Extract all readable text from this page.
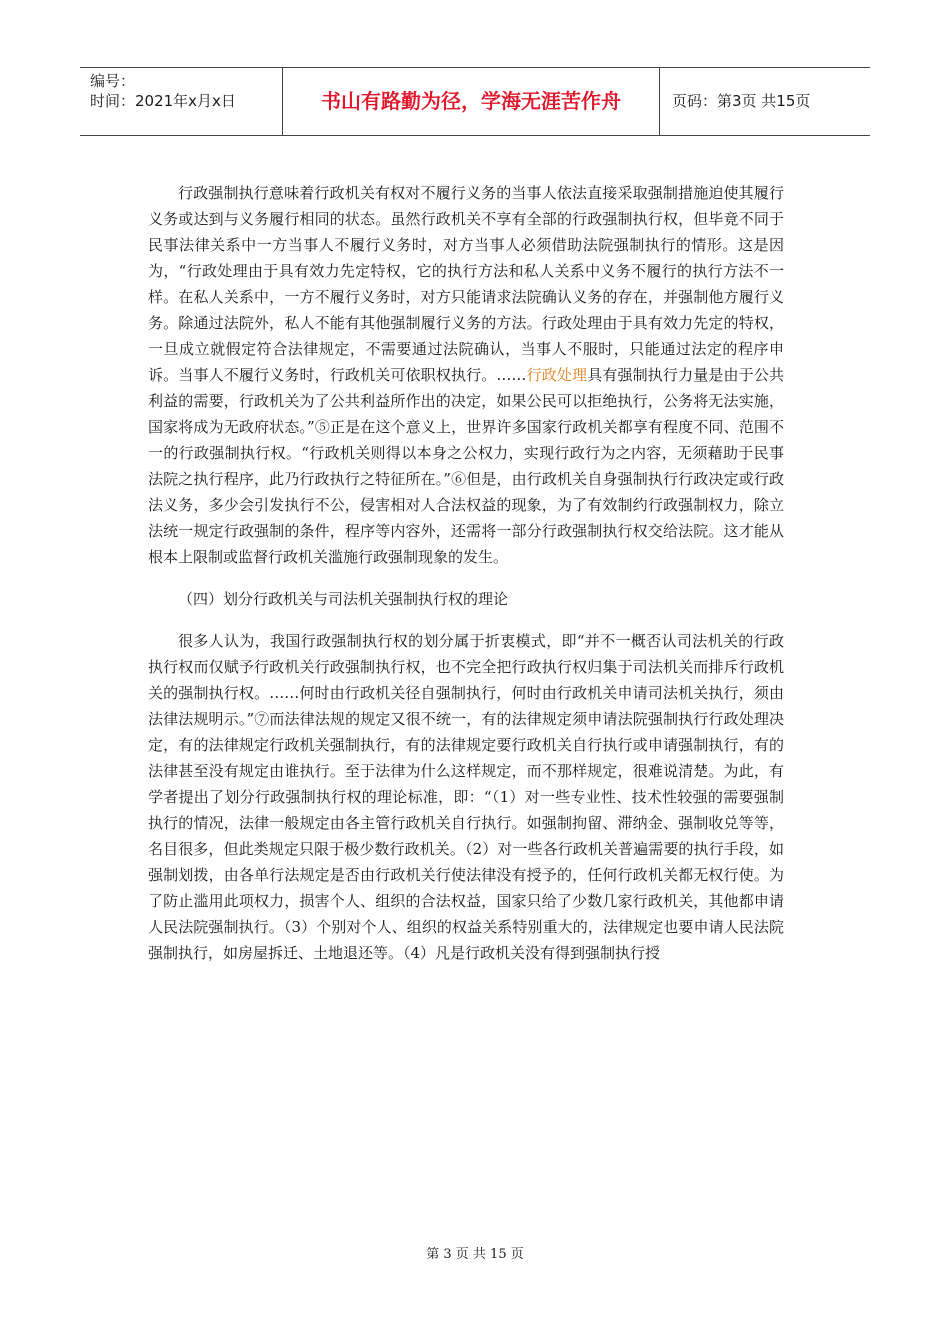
编号：
时间：2021年x月x日	书山有路勤为径，学海无涯苦作舟	页码：第3页 共15页

行政强制执行意味着行政机关有权对不履行义务的当事人依法直接采取强制措施迫使其履行义务或达到与义务履行相同的状态。虽然行政机关不享有全部的行政强制执行权，但毕竟不同于民事法律关系中一方当事人不履行义务时，对方当事人必须借助法院强制执行的情形。这是因为，“行政处理由于具有效力先定特权，它的执行方法和私人关系中义务不履行的执行方法不一样。在私人关系中，一方不履行义务时，对方只能请求法院确认义务的存在，并强制他方履行义务。除通过法院外，私人不能有其他强制履行义务的方法。行政处理由于具有效力先定的特权，一旦成立就假定符合法律规定，不需要通过法院确认，当事人不服时，只能通过法定的程序申诉。当事人不履行义务时，行政机关可依职权执行。……行政处理具有强制执行力量是由于公共利益的需要，行政机关为了公共利益所作出的决定，如果公民可以拒绝执行，公务将无法实施，国家将成为无政府状态。”⑤正是在这个意义上，世界许多国家行政机关都享有程度不同、范围不一的行政强制执行权。“行政机关则得以本身之公权力，实现行政行为之内容，无须藉助于民事法院之执行程序，此乃行政执行之特征所在。”⑥但是，由行政机关自身强制执行行政决定或行政法义务，多少会引发执行不公，侵害相对人合法权益的现象，为了有效制约行政强制权力，除立法统一规定行政强制的条件，程序等内容外，还需将一部分行政强制执行权交给法院。这才能从根本上限制或监督行政机关滥施行政强制现象的发生。

（四）划分行政机关与司法机关强制执行权的理论

很多人认为，我国行政强制执行权的划分属于折衷模式，即“并不一概否认司法机关的行政执行权而仅赋予行政机关行政强制执行权，也不完全把行政执行权归集于司法机关而排斥行政机关的强制执行权。……何时由行政机关径自强制执行，何时由行政机关申请司法机关执行，须由法律法规明示。”⑦而法律法规的规定又很不统一，有的法律规定须申请法院强制执行行政处理决定，有的法律规定行政机关强制执行，有的法律规定要行政机关自行执行或申请强制执行，有的法律甚至没有规定由谁执行。至于法律为什么这样规定，而不那样规定，很难说清楚。为此，有学者提出了划分行政强制执行权的理论标准，即：“（1）对一些专业性、技术性较强的需要强制执行的情况，法律一般规定由各主管行政机关自行执行。如强制拘留、滞纳金、强制收兑等等，名目很多，但此类规定只限于极少数行政机关。（2）对一些各行政机关普遍需要的执行手段，如强制划拨，由各单行法规定是否由行政机关行使法律没有授予的，任何行政机关都无权行使。为了防止滥用此项权力，损害个人、组织的合法权益，国家只给了少数几家行政机关，其他都申请人民法院强制执行。（3）个别对个人、组织的权益关系特别重大的，法律规定也要申请人民法院强制执行，如房屋拆迁、土地退还等。（4）凡是行政机关没有得到强制执行授

第 3 页 共 15 页
